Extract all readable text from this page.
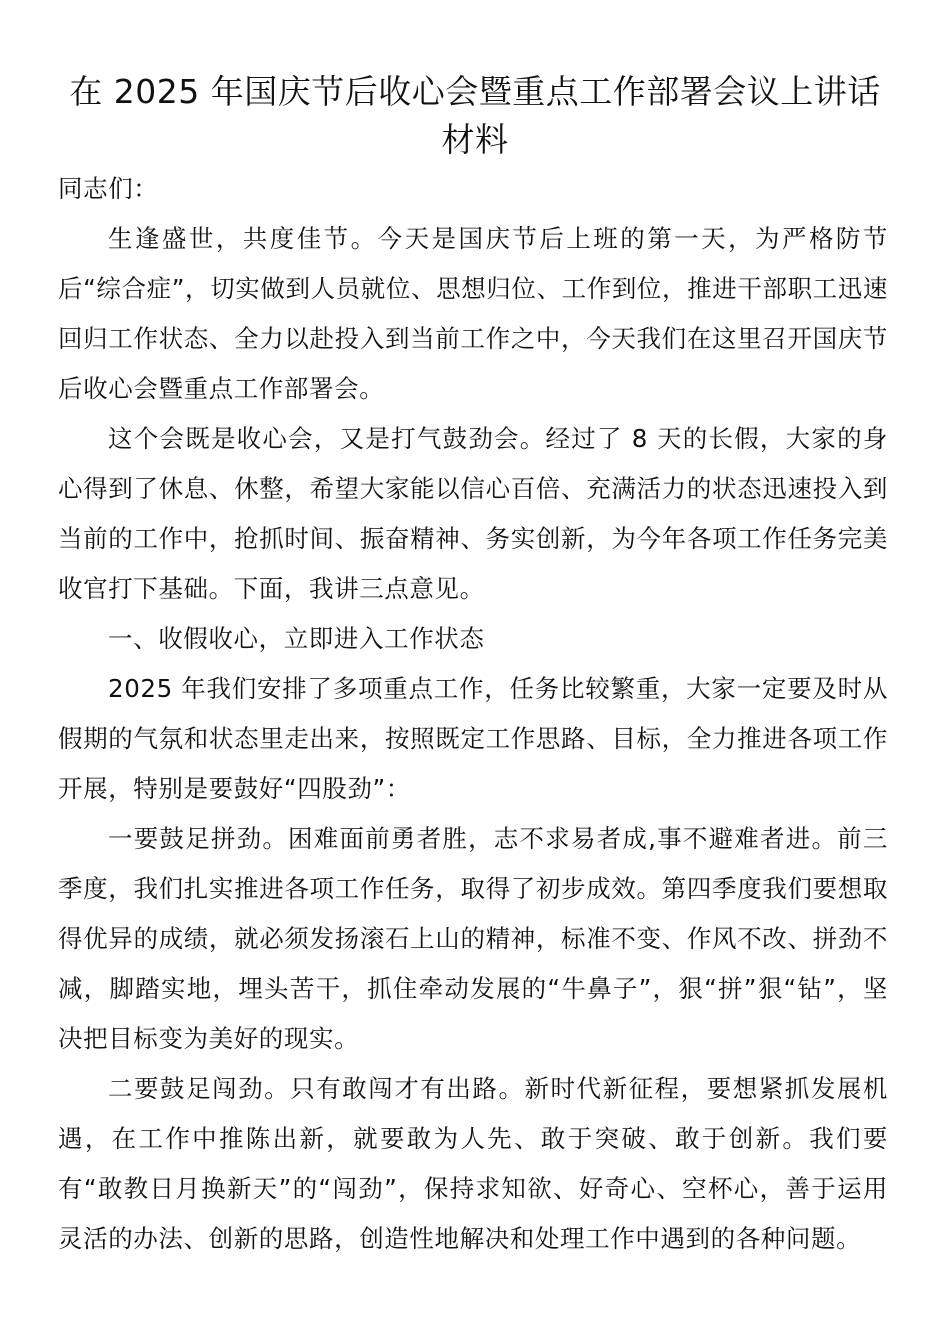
在 2025 年国庆节后收心会暨重点工作部署会议上讲话材料

同志们：

生逢盛世，共度佳节。今天是国庆节后上班的第一天，为严格防节后“综合症”，切实做到人员就位、思想归位、工作到位，推进干部职工迅速回归工作状态、全力以赴投入到当前工作之中，今天我们在这里召开国庆节后收心会暨重点工作部署会。

这个会既是收心会，又是打气鼓劲会。经过了 8 天的长假，大家的身心得到了休息、休整，希望大家能以信心百倍、充满活力的状态迅速投入到当前的工作中，抢抓时间、振奋精神、务实创新，为今年各项工作任务完美收官打下基础。下面，我讲三点意见。

一、收假收心，立即进入工作状态

2025 年我们安排了多项重点工作，任务比较繁重，大家一定要及时从假期的气氛和状态里走出来，按照既定工作思路、目标，全力推进各项工作开展，特别是要鼓好“四股劲”：

一要鼓足拼劲。困难面前勇者胜，志不求易者成,事不避难者进。前三季度，我们扎实推进各项工作任务，取得了初步成效。第四季度我们要想取得优异的成绩，就必须发扬滚石上山的精神，标准不变、作风不改、拼劲不减，脚踏实地，埋头苦干，抓住牵动发展的“牛鼻子”，狠“拼”狠“钻”，坚决把目标变为美好的现实。

二要鼓足闯劲。只有敢闯才有出路。新时代新征程，要想紧抓发展机遇，在工作中推陈出新，就要敢为人先、敢于突破、敢于创新。我们要有“敢教日月换新天”的“闯劲”，保持求知欲、好奇心、空杯心，善于运用灵活的办法、创新的思路，创造性地解决和处理工作中遇到的各种问题。
